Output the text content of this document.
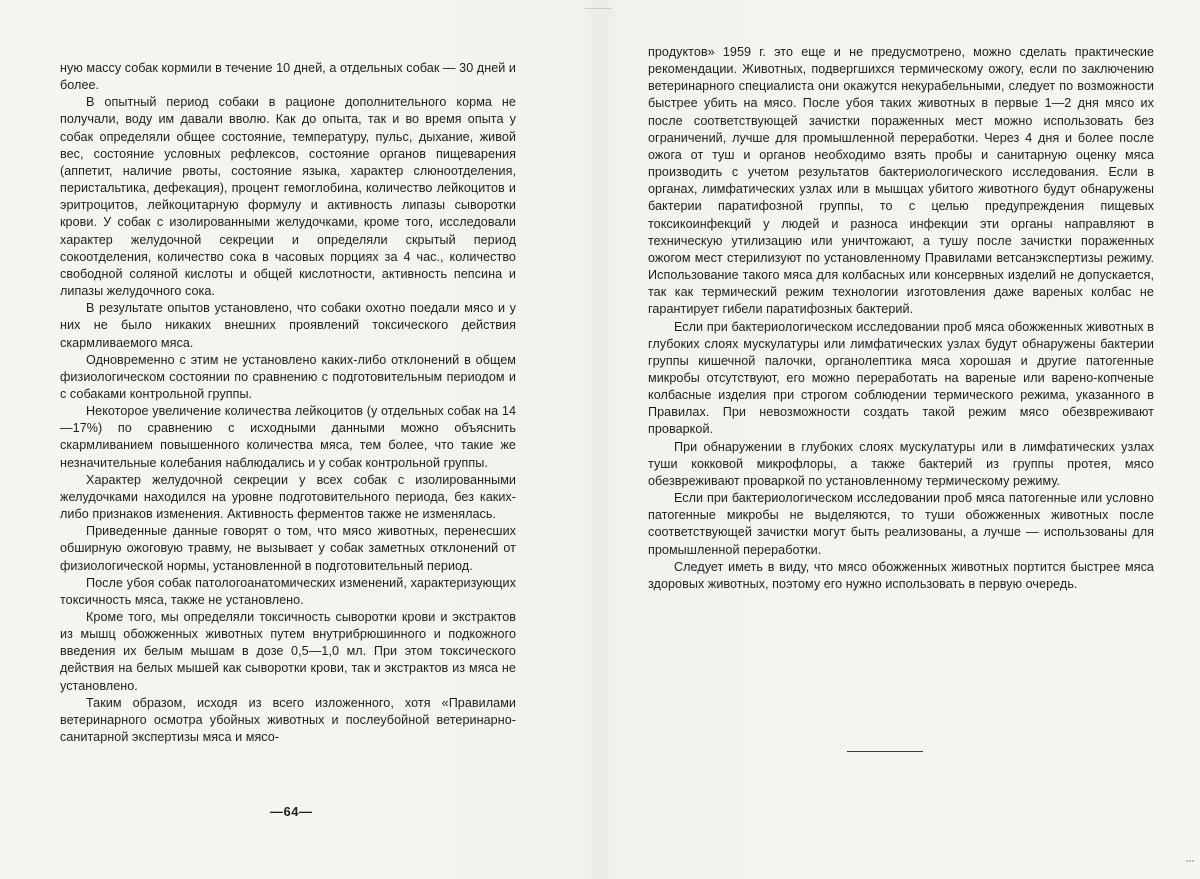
ную массу собак кормили в течение 10 дней, а отдельных собак — 30 дней и более.

В опытный период собаки в рационе дополнительного корма не получали, воду им давали вволю. Как до опыта, так и во время опыта у собак определяли общее состояние, температуру, пульс, дыхание, живой вес, состояние условных рефлексов, состояние органов пищеварения (аппетит, наличие рвоты, состояние языка, характер слюноотделения, перистальтика, дефекация), процент гемоглобина, количество лейкоцитов и эритроцитов, лейкоцитарную формулу и активность липазы сыворотки крови. У собак с изолированными желудочками, кроме того, исследовали характер желудочной секреции и определяли скрытый период сокоотделения, количество сока в часовых порциях за 4 час., количество свободной соляной кислоты и общей кислотности, активность пепсина и липазы желудочного сока.

В результате опытов установлено, что собаки охотно поедали мясо и у них не было никаких внешних проявлений токсического действия скармливаемого мяса.

Одновременно с этим не установлено каких-либо отклонений в общем физиологическом состоянии по сравнению с подготовительным периодом и с собаками контрольной группы.

Некоторое увеличение количества лейкоцитов (у отдельных собак на 14—17%) по сравнению с исходными данными можно объяснить скармливанием повышенного количества мяса, тем более, что такие же незначительные колебания наблюдались и у собак контрольной группы.

Характер желудочной секреции у всех собак с изолированными желудочками находился на уровне подготовительного периода, без каких-либо признаков изменения. Активность ферментов также не изменялась.

Приведенные данные говорят о том, что мясо животных, перенесших обширную ожоговую травму, не вызывает у собак заметных отклонений от физиологической нормы, установленной в подготовительный период.

После убоя собак патологоанатомических изменений, характеризующих токсичность мяса, также не установлено.

Кроме того, мы определяли токсичность сыворотки крови и экстрактов из мышц обожженных животных путем внутрибрюшинного и подкожного введения их белым мышам в дозе 0,5—1,0 мл. При этом токсического действия на белых мышей как сыворотки крови, так и экстрактов из мяса не установлено.

Таким образом, исходя из всего изложенного, хотя «Правилами ветеринарного осмотра убойных животных и послеубойной ветеринарно-санитарной экспертизы мяса и мясо-

—64—

продуктов» 1959 г. это еще и не предусмотрено, можно сделать практические рекомендации. Животных, подвергшихся термическому ожогу, если по заключению ветеринарного специалиста они окажутся некурабельными, следует по возможности быстрее убить на мясо. После убоя таких животных в первые 1—2 дня мясо их после соответствующей зачистки пораженных мест можно использовать без ограничений, лучше для промышленной переработки. Через 4 дня и более после ожога от туш и органов необходимо взять пробы и санитарную оценку мяса производить с учетом результатов бактериологического исследования. Если в органах, лимфатических узлах или в мышцах убитого животного будут обнаружены бактерии паратифозной группы, то с целью предупреждения пищевых токсикоинфекций у людей и разноса инфекции эти органы направляют в техническую утилизацию или уничтожают, а тушу после зачистки пораженных ожогом мест стерилизуют по установленному Правилами ветсанэкспертизы режиму. Использование такого мяса для колбасных или консервных изделий не допускается, так как термический режим технологии изготовления даже вареных колбас не гарантирует гибели паратифозных бактерий.

Если при бактериологическом исследовании проб мяса обожженных животных в глубоких слоях мускулатуры или лимфатических узлах будут обнаружены бактерии группы кишечной палочки, органолептика мяса хорошая и другие патогенные микробы отсутствуют, его можно переработать на вареные или варено-копченые колбасные изделия при строгом соблюдении термического режима, указанного в Правилах. При невозможности создать такой режим мясо обезвреживают проваркой.

При обнаружении в глубоких слоях мускулатуры или в лимфатических узлах туши кокковой микрофлоры, а также бактерий из группы протея, мясо обезвреживают проваркой по установленному термическому режиму.

Если при бактериологическом исследовании проб мяса патогенные или условно патогенные микробы не выделяются, то туши обожженных животных после соответствующей зачистки могут быть реализованы, а лучше — использованы для промышленной переработки.

Следует иметь в виду, что мясо обожженных животных портится быстрее мяса здоровых животных, поэтому его нужно использовать в первую очередь.
